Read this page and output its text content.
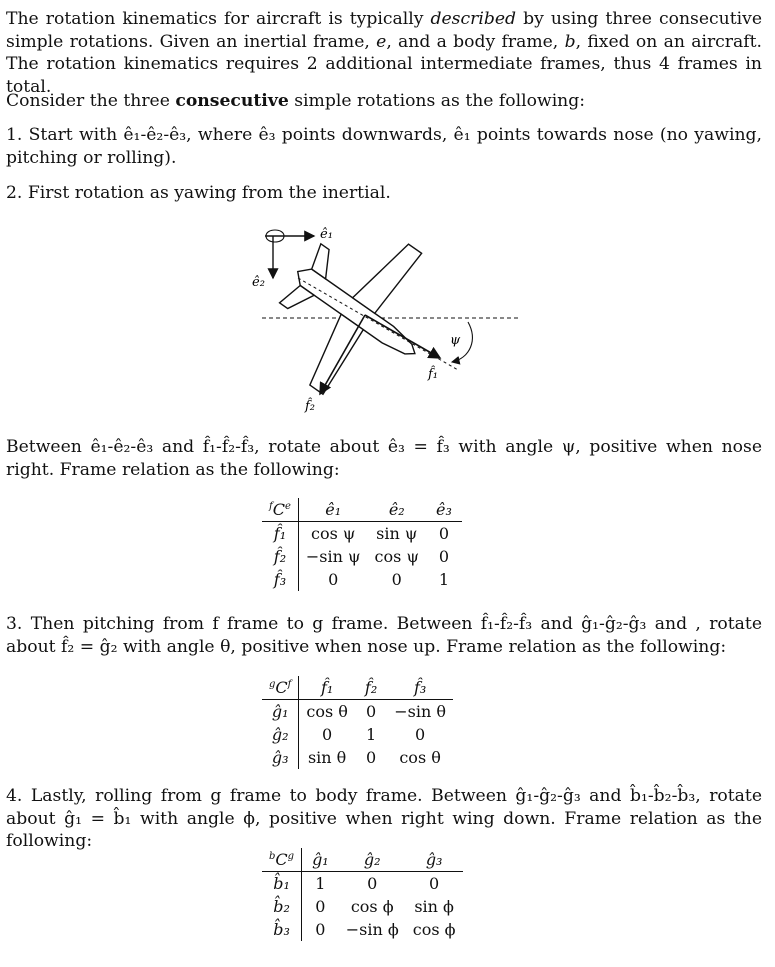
The rotation kinematics for aircraft is typically described by using three consecutive simple rotations. Given an inertial frame, e, and a body frame, b, fixed on an aircraft. The rotation kinematics requires 2 additional intermediate frames, thus 4 frames in total.

Consider the three consecutive simple rotations as the following:

1. Start with ê₁-ê₂-ê₃, where ê₃ points downwards, ê₁ points towards nose (no yawing, pitching or rolling).

2. First rotation as yawing from the inertial.

ê₁
ê₂
ψ
f̂₁
f̂₂

Between ê₁-ê₂-ê₃ and f̂₁-f̂₂-f̂₃, rotate about ê₃ = f̂₃ with angle ψ, positive when nose right. Frame relation as the following:

$^f$Ce	ê₁	ê₂	ê₃
f̂₁	cos ψ	sin ψ	0
f̂₂	−sin ψ	cos ψ	0
f̂₃	0	0	1

3. Then pitching from f frame to g frame. Between f̂₁-f̂₂-f̂₃ and ĝ₁-ĝ₂-ĝ₃ and , rotate about f̂₂ = ĝ₂ with angle θ, positive when nose up. Frame relation as the following:

$^gC^f$	f̂₁	f̂₂	f̂₃
ĝ₁	cos θ	0	−sin θ
ĝ₂	0	1	0
ĝ₃	sin θ	0	cos θ

4. Lastly, rolling from g frame to body frame. Between ĝ₁-ĝ₂-ĝ₃ and b̂₁-b̂₂-b̂₃, rotate about ĝ₁ = b̂₁ with angle ϕ, positive when right wing down. Frame relation as the following:

$^bC^g$	ĝ₁	ĝ₂	ĝ₃
b̂₁	1	0	0
b̂₂	0	cos ϕ	sin ϕ
b̂₃	0	−sin ϕ	cos ϕ
